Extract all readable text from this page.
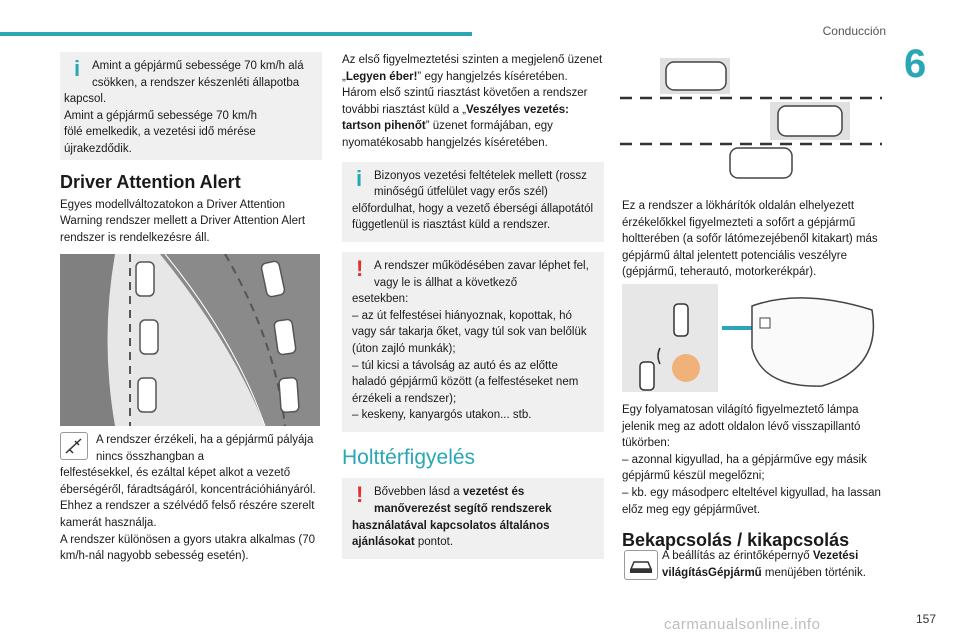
Conducción
6
157
carmanualsonline.info
i	Amint a gépjármű sebessége 70 km/h alá csökken, a rendszer készenléti állapotba

kapcsol.
Amint a gépjármű sebessége 70 km/h
fölé emelkedik, a vezetési idő mérése
újrakezdődik.

Driver Attention Alert

Egyes modellváltozatokon a Driver Attention Warning rendszer mellett a Driver Attention Alert rendszer is rendelkezésre áll.

A rendszer érzékeli, ha a gépjármű pályája nincs összhangban a

felfestésekkel, és ezáltal képet alkot a vezető éberségéről, fáradtságáról, koncentrációhiányáról.
Ehhez a rendszer a szélvédő felső részére szerelt kamerát használja.
A rendszer különösen a gyors utakra alkalmas (70 km/h-nál nagyobb sebesség esetén).

Az első figyelmeztetési szinten a megjelenő üzenet „Legyen éber!” egy hangjelzés kíséretében.

Három első szintű riasztást követően a rendszer további riasztást küld a „Veszélyes vezetés: tartson pihenőt” üzenet formájában, egy nyomatékosabb hangjelzés kíséretében.

i	Bizonyos vezetési feltételek mellett (rossz minőségű útfelület vagy erős szél)

előfordulhat, hogy a vezető éberségi állapotától függetlenül is riasztást küld a rendszer.

! A rendszer működésében zavar léphet fel, vagy le is állhat a következő

esetekben:
– az út felfestései hiányoznak, kopottak, hó vagy sár takarja őket, vagy túl sok van belőlük (úton zajló munkák);
– túl kicsi a távolság az autó és az előtte haladó gépjármű között (a felfestéseket nem érzékeli a rendszer);
– keskeny, kanyargós utakon... stb.

Holttérfigyelés
! Bővebben lásd a vezetést és

manőverezést segítő rendszerek használatával kapcsolatos általános ajánlásokat pontot.

Ez a rendszer a lökhárítók oldalán elhelyezett érzékelőkkel figyelmezteti a sofőrt a gépjármű holtterében (a sofőr látómezejébenől kitakart) más gépjármű által jelentett potenciális veszélyre (gépjármű, teherautó, motorkerékpár).

Egy folyamatosan világító figyelmeztető lámpa jelenik meg az adott oldalon lévő visszapillantó tükörben:
– azonnal kigyullad, ha a gépjárműve egy másik gépjármű készül megelőzni;
– kb. egy másodperc elteltével kigyullad, ha lassan előz meg egy gépjárművet.

Bekapcsolás / kikapcsolás

A beállítás az érintőképernyő Vezetési világításGépjármű menüjében történik.
